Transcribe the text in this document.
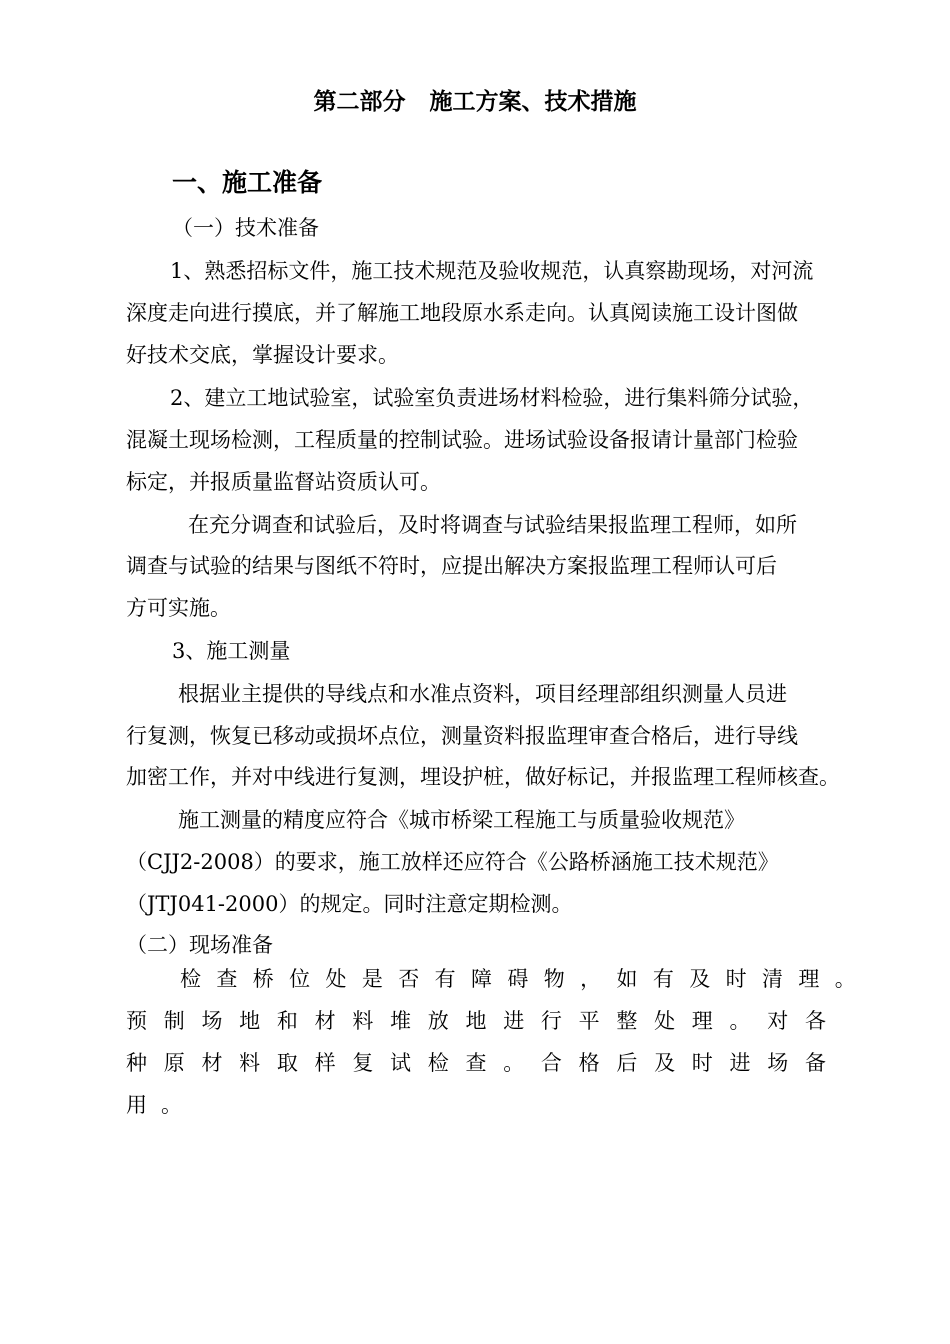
第二部分   施工方案、技术措施
一、施工准备
（一）技术准备
1、熟悉招标文件，施工技术规范及验收规范，认真察勘现场，对河流
深度走向进行摸底，并了解施工地段原水系走向。认真阅读施工设计图做
好技术交底，掌握设计要求。
2、建立工地试验室，试验室负责进场材料检验，进行集料筛分试验，
混凝土现场检测，工程质量的控制试验。进场试验设备报请计量部门检验
标定，并报质量监督站资质认可。
在充分调查和试验后，及时将调查与试验结果报监理工程师，如所
调查与试验的结果与图纸不符时，应提出解决方案报监理工程师认可后
方可实施。
3、施工测量
根据业主提供的导线点和水准点资料，项目经理部组织测量人员进
行复测，恢复已移动或损坏点位，测量资料报监理审查合格后，进行导线
加密工作，并对中线进行复测，埋设护桩，做好标记，并报监理工程师核查。
施工测量的精度应符合《城市桥梁工程施工与质量验收规范》
（CJJ2-2008）的要求，施工放样还应符合《公路桥涵施工技术规范》
（JTJ041-2000）的规定。同时注意定期检测。
（二）现场准备
检 查 桥 位 处 是 否 有 障 碍 物 ， 如 有 及 时 清 理 。
预 制 场 地 和 材 料 堆 放 地 进 行 平 整 处 理 。 对 各
种 原 材 料 取 样 复 试 检 查 。 合 格 后 及 时 进 场 备
用 。
